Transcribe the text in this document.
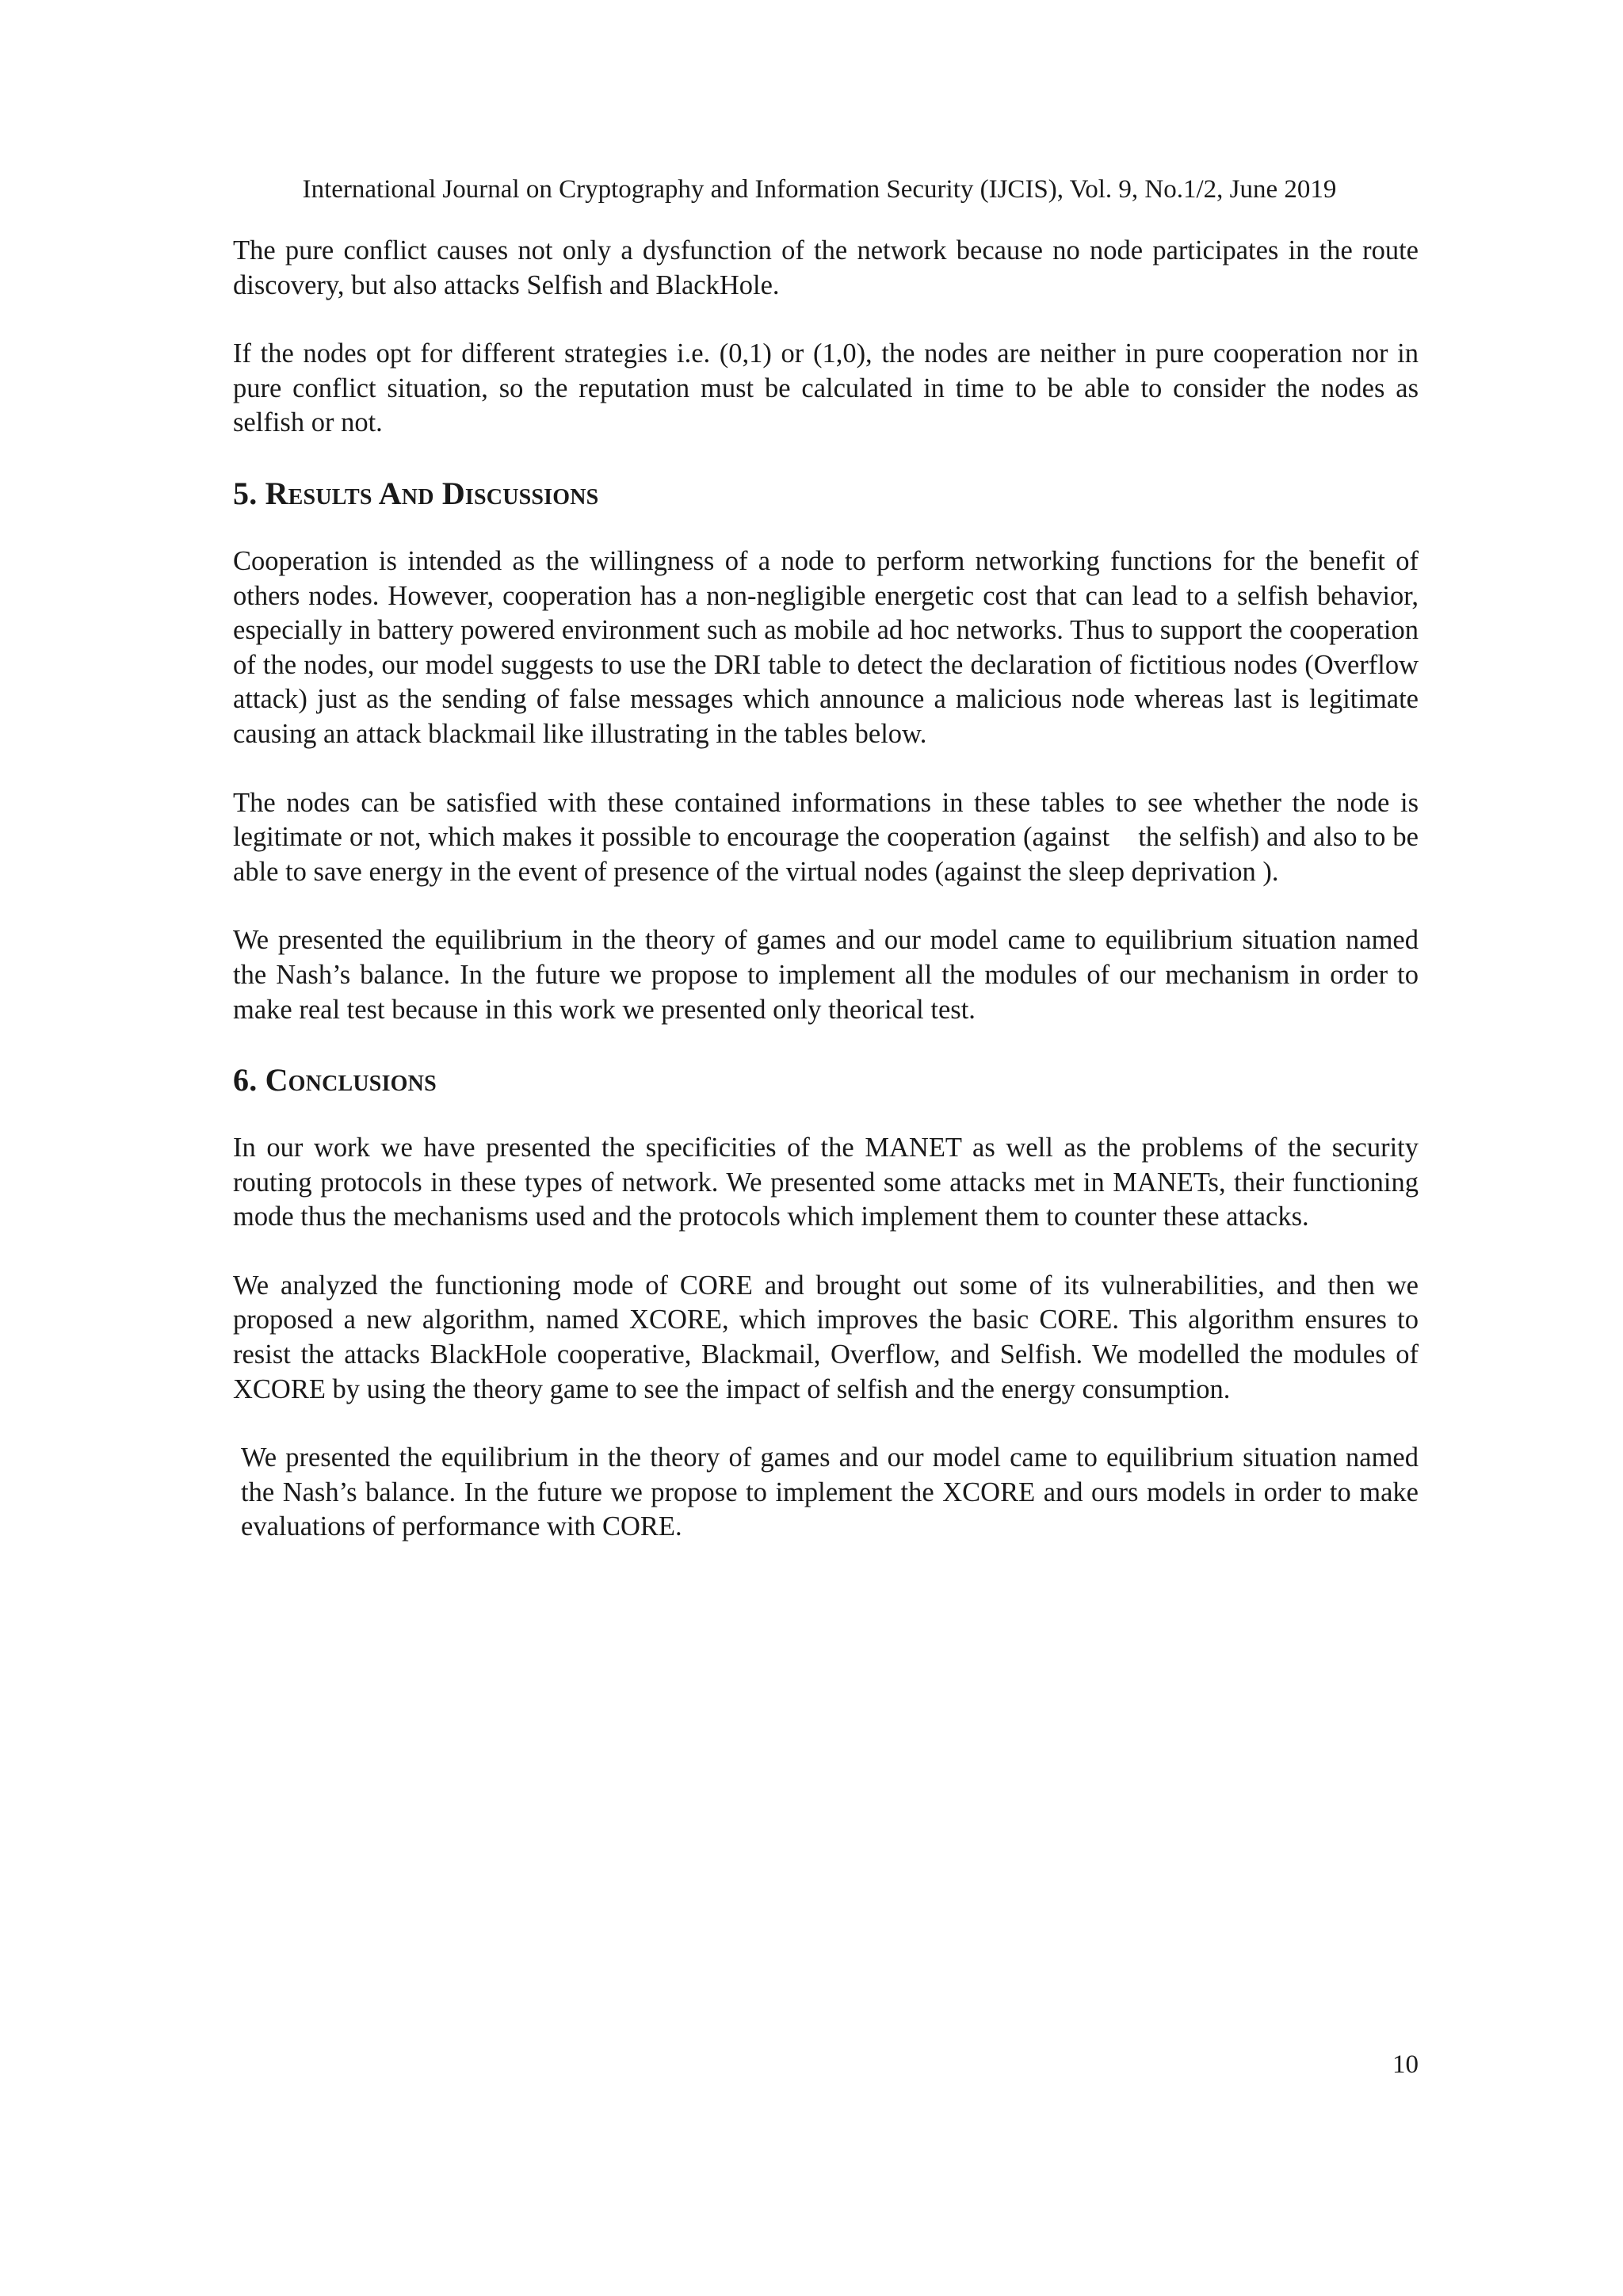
International Journal on Cryptography and Information Security (IJCIS), Vol. 9, No.1/2, June 2019

The pure conflict causes not only a dysfunction of the network because no node participates in the route discovery, but also attacks Selfish and BlackHole.

If the nodes opt for different strategies i.e. (0,1) or (1,0), the nodes are neither in pure cooperation nor in pure conflict situation, so the reputation must be calculated in time to be able to consider the nodes as selfish or not.

5. Results And Discussions

Cooperation is intended as the willingness of a node to perform networking functions for the benefit of others nodes. However, cooperation has a non-negligible energetic cost that can lead to a selfish behavior, especially in battery powered environment such as mobile ad hoc networks. Thus to support the cooperation of the nodes, our model suggests to use the DRI table to detect the declaration of fictitious nodes (Overflow attack) just as the sending of false messages which announce a malicious node whereas last is legitimate causing an attack blackmail like illustrating in the tables below.

The nodes can be satisfied with these contained informations in these tables to see whether the node is legitimate or not, which makes it possible to encourage the cooperation (against    the selfish) and also to be able to save energy in the event of presence of the virtual nodes (against the sleep deprivation ).

We presented the equilibrium in the theory of games and our model came to equilibrium situation named the Nash’s balance. In the future we propose to implement all the modules of our mechanism in order to make real test because in this work we presented only theorical test.

6. Conclusions

In our work we have presented the specificities of the MANET as well as the problems of the security routing protocols in these types of network. We presented some attacks met in MANETs, their functioning mode thus the mechanisms used and the protocols which implement them to counter these attacks.

We analyzed the functioning mode of CORE and brought out some of its vulnerabilities, and then we proposed a new algorithm, named XCORE, which improves the basic CORE. This algorithm ensures to resist the attacks BlackHole cooperative, Blackmail, Overflow, and Selfish. We modelled the modules of XCORE by using the theory game to see the impact of selfish and the energy consumption.

We presented the equilibrium in the theory of games and our model came to equilibrium situation named the Nash’s balance. In the future we propose to implement the XCORE and ours models in order to make evaluations of performance with CORE.

10
